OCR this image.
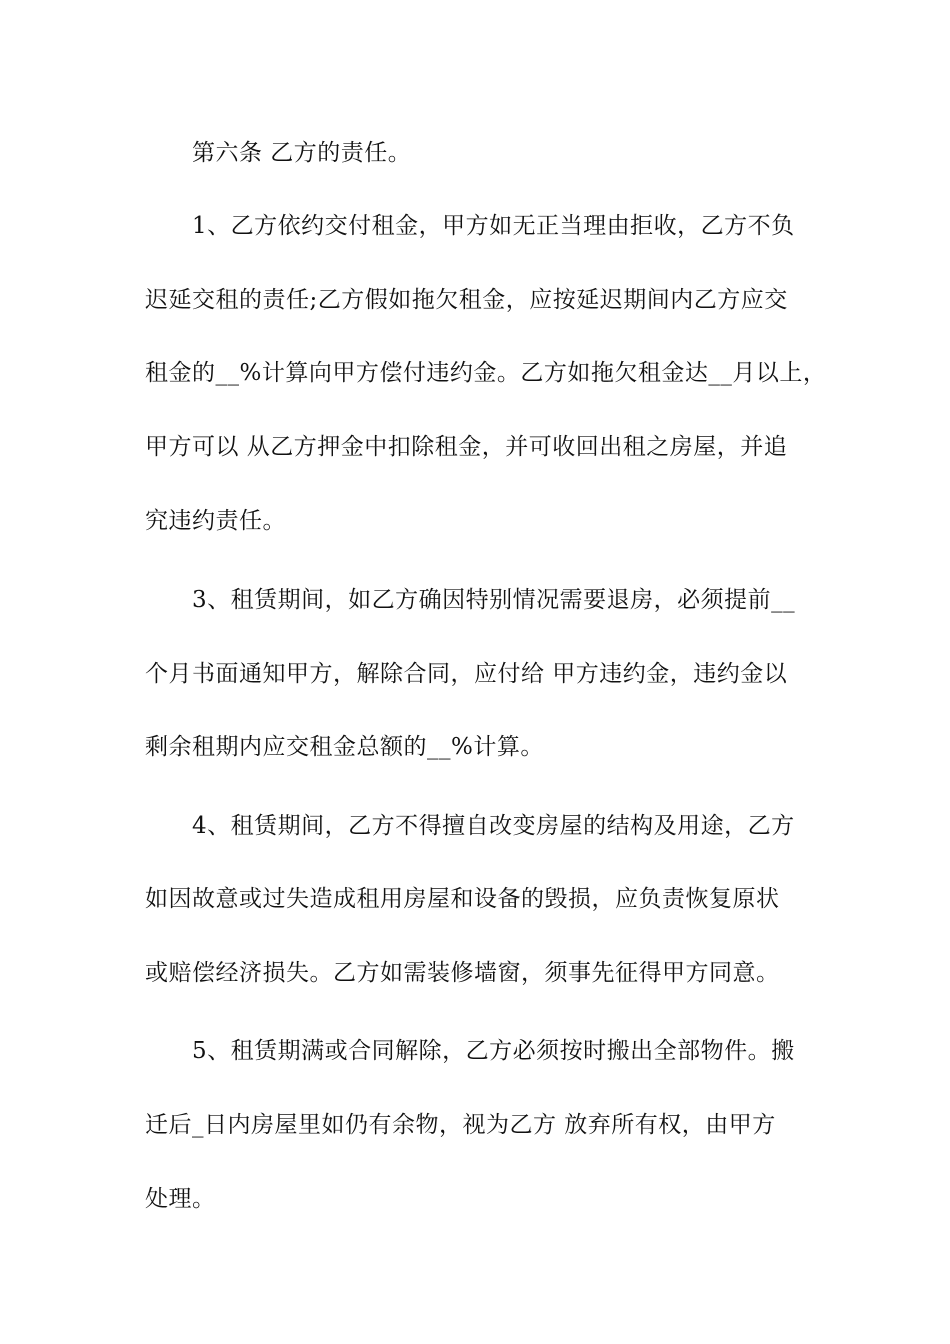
第六条 乙方的责任。
1、乙方依约交付租金，甲方如无正当理由拒收，乙方不负
迟延交租的责任;乙方假如拖欠租金，应按延迟期间内乙方应交
租金的__%计算向甲方偿付违约金。乙方如拖欠租金达__月以上，
甲方可以 从乙方押金中扣除租金，并可收回出租之房屋，并追
究违约责任。
3、租赁期间，如乙方确因特别情况需要退房，必须提前__
个月书面通知甲方，解除合同，应付给 甲方违约金，违约金以
剩余租期内应交租金总额的__%计算。
4、租赁期间，乙方不得擅自改变房屋的结构及用途，乙方
如因故意或过失造成租用房屋和设备的毁损，应负责恢复原状
或赔偿经济损失。乙方如需装修墙窗，须事先征得甲方同意。
5、租赁期满或合同解除，乙方必须按时搬出全部物件。搬
迁后_日内房屋里如仍有余物，视为乙方 放弃所有权，由甲方
处理。
